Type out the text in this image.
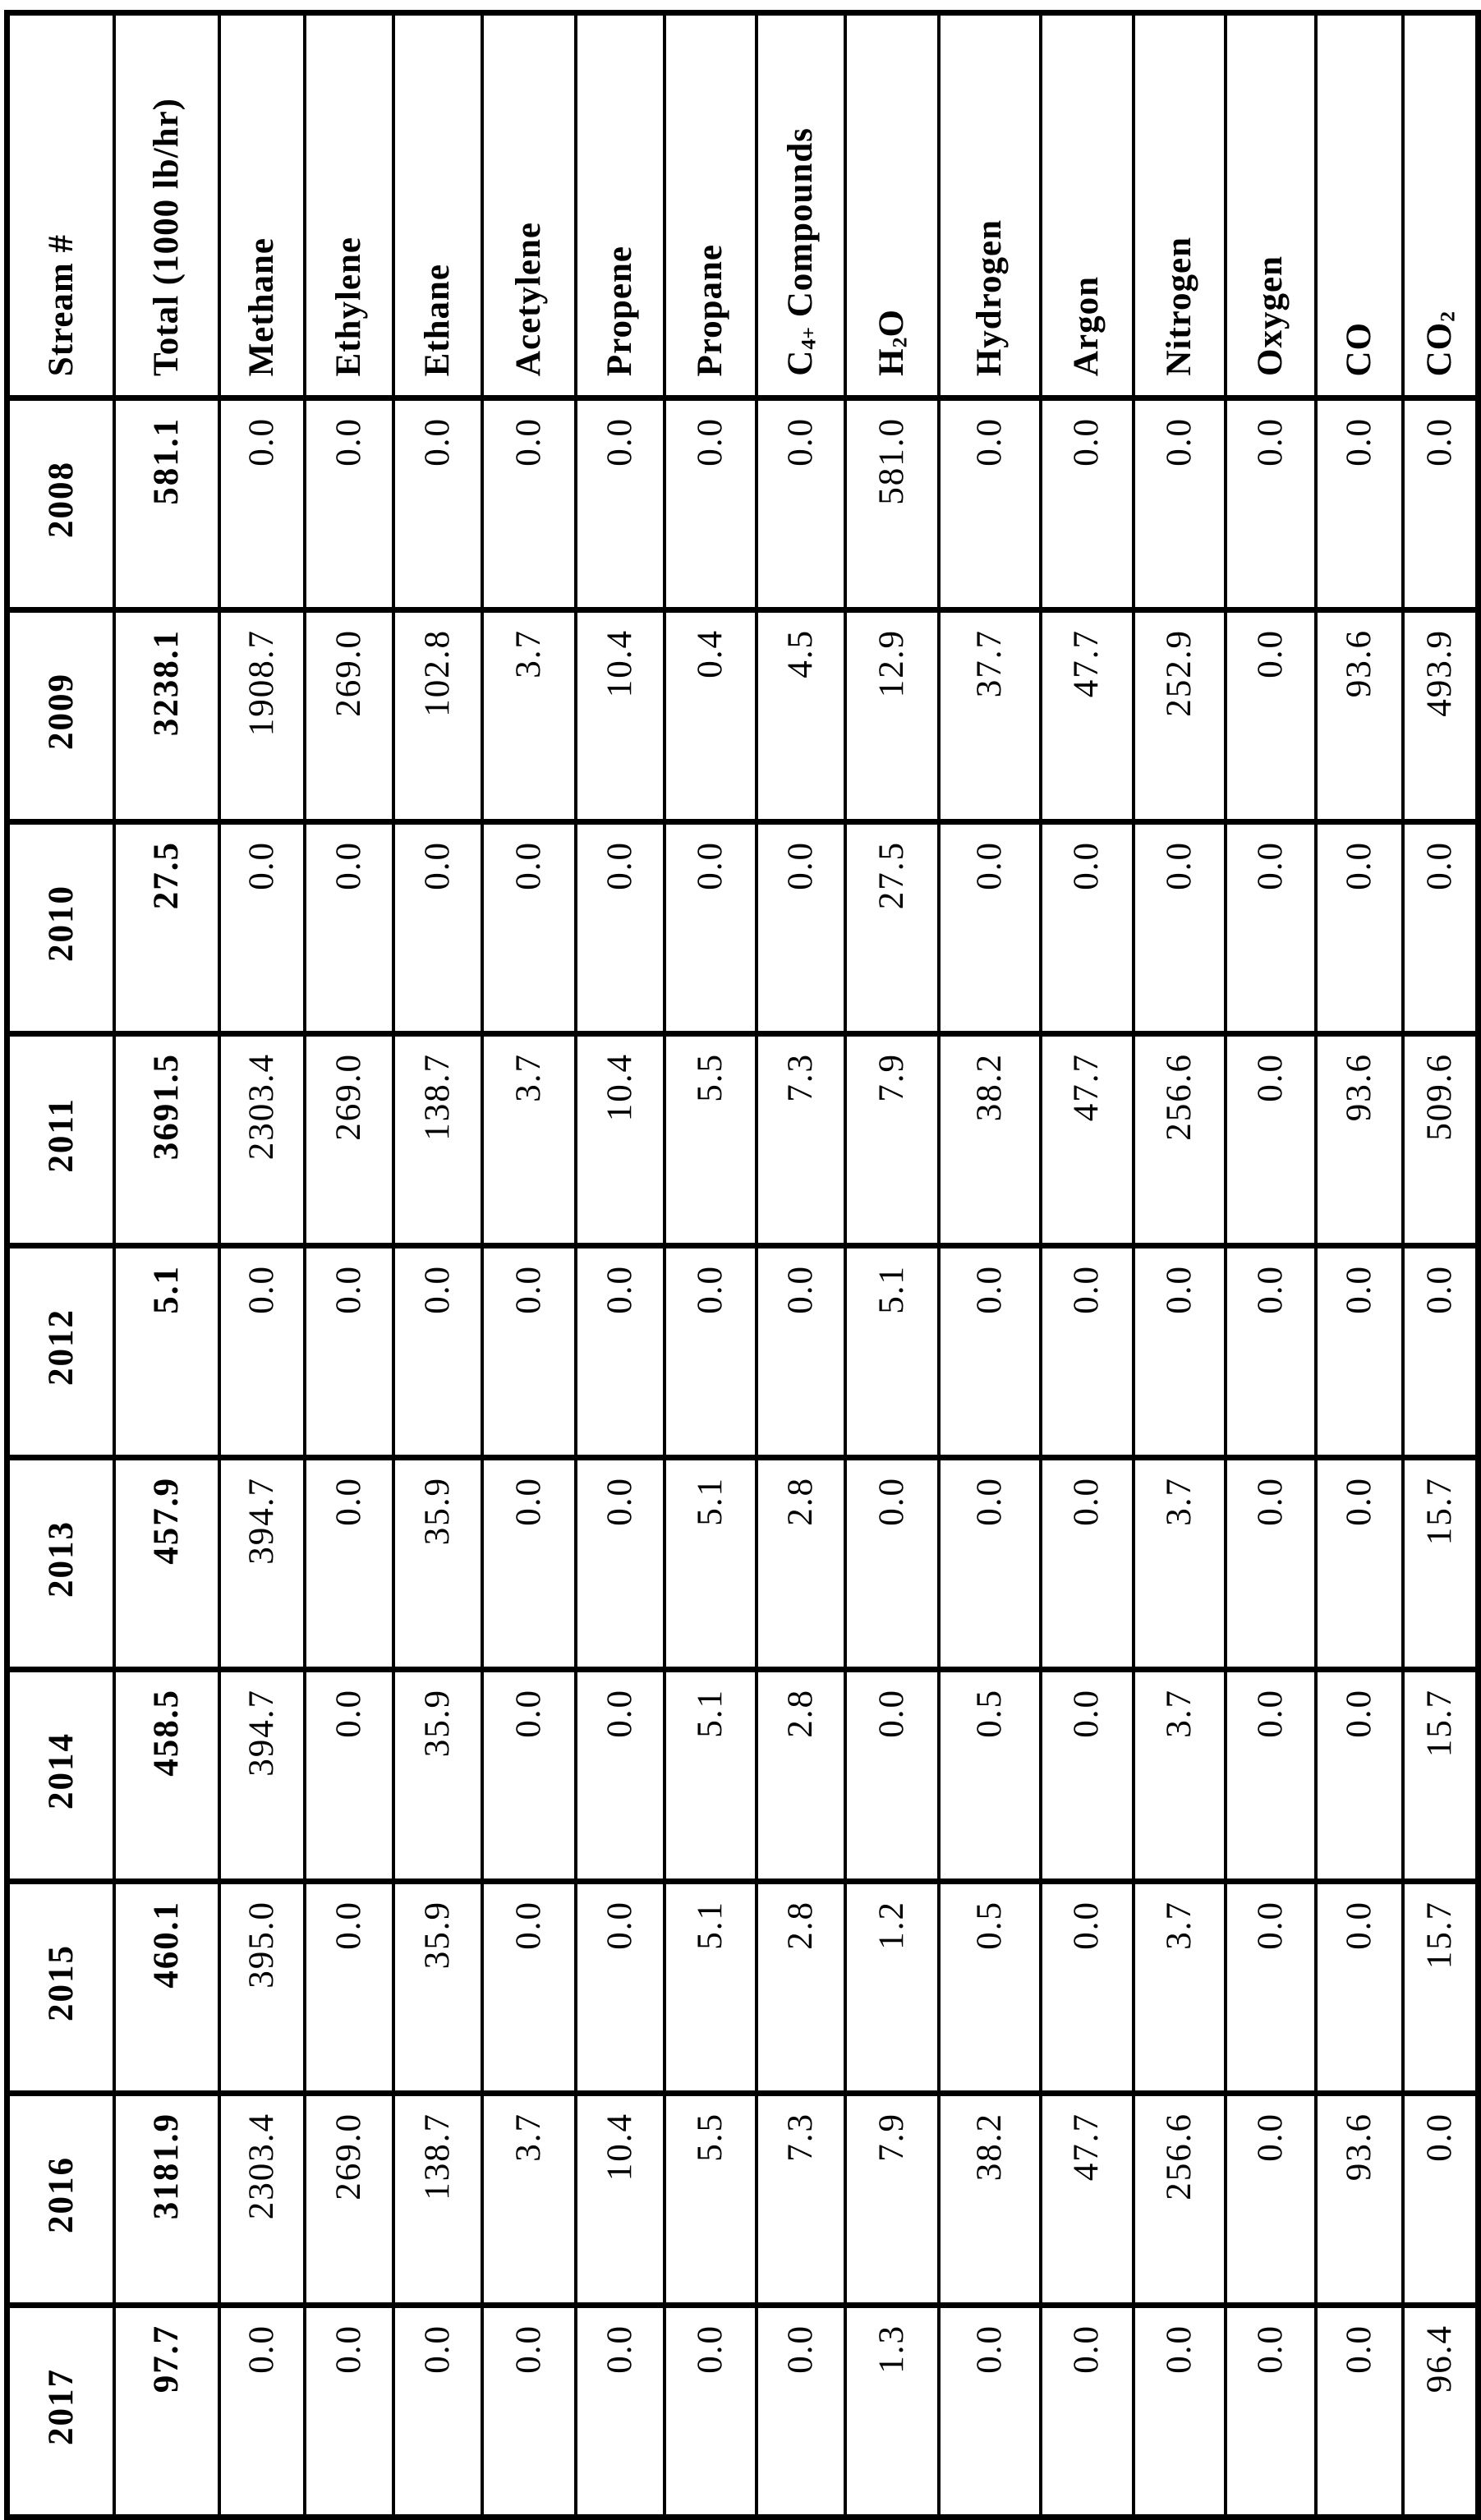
Stream #	Total (1000 lb/hr)	Methane	Ethylene	Ethane	Acetylene	Propene	Propane	$C_{4+}$ Compounds	$H_2O$	Hydrogen	Argon	Nitrogen	Oxygen	CO	$CO_2$
2008	581.1	0.0	0.0	0.0	0.0	0.0	0.0	0.0	581.0	0.0	0.0	0.0	0.0	0.0	0.0
2009	3238.1	1908.7	269.0	102.8	3.7	10.4	0.4	4.5	12.9	37.7	47.7	252.9	0.0	93.6	493.9
2010	27.5	0.0	0.0	0.0	0.0	0.0	0.0	0.0	27.5	0.0	0.0	0.0	0.0	0.0	0.0
2011	3691.5	2303.4	269.0	138.7	3.7	10.4	5.5	7.3	7.9	38.2	47.7	256.6	0.0	93.6	509.6
2012	5.1	0.0	0.0	0.0	0.0	0.0	0.0	0.0	5.1	0.0	0.0	0.0	0.0	0.0	0.0
2013	457.9	394.7	0.0	35.9	0.0	0.0	5.1	2.8	0.0	0.0	0.0	3.7	0.0	0.0	15.7
2014	458.5	394.7	0.0	35.9	0.0	0.0	5.1	2.8	0.0	0.5	0.0	3.7	0.0	0.0	15.7
2015	460.1	395.0	0.0	35.9	0.0	0.0	5.1	2.8	1.2	0.5	0.0	3.7	0.0	0.0	15.7
2016	3181.9	2303.4	269.0	138.7	3.7	10.4	5.5	7.3	7.9	38.2	47.7	256.6	0.0	93.6	0.0
2017	97.7	0.0	0.0	0.0	0.0	0.0	0.0	0.0	1.3	0.0	0.0	0.0	0.0	0.0	96.4
